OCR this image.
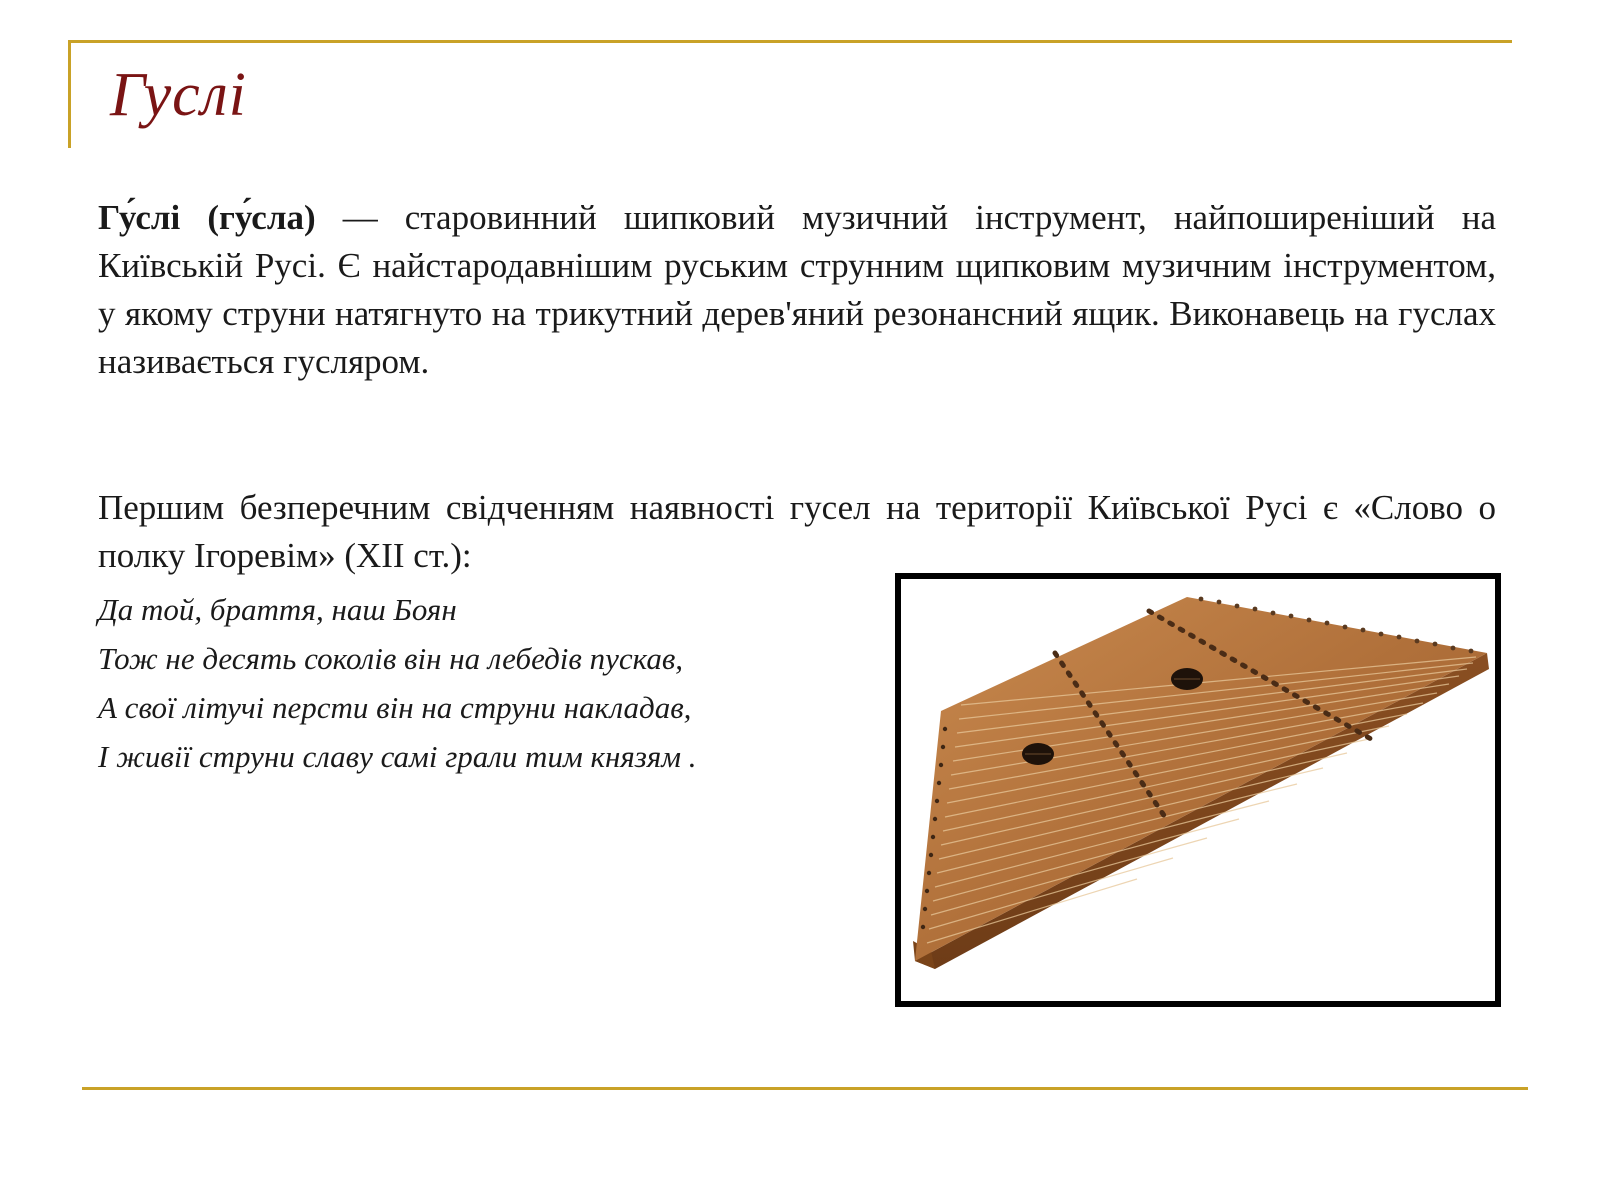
Гуслі

Гу́слі (гу́сла) — старовинний шипковий музичний інструмент, найпоширеніший на Київській Русі. Є найстародавнішим руським струнним щипковим музичним інструментом, у якому струни натягнуто на трикутний дерев'яний резонансний ящик. Виконавець на гуслах називається гусляром.

Першим безперечним свідченням наявності гусел на території Київської Русі є «Слово о полку Ігоревім» (ХІІ ст.):

Да той, браття, наш Боян
Тож не десять соколів він на лебедів пускав,
А свої літучі персти він на струни накладав,
І живії струни славу самі грали тим князям .
